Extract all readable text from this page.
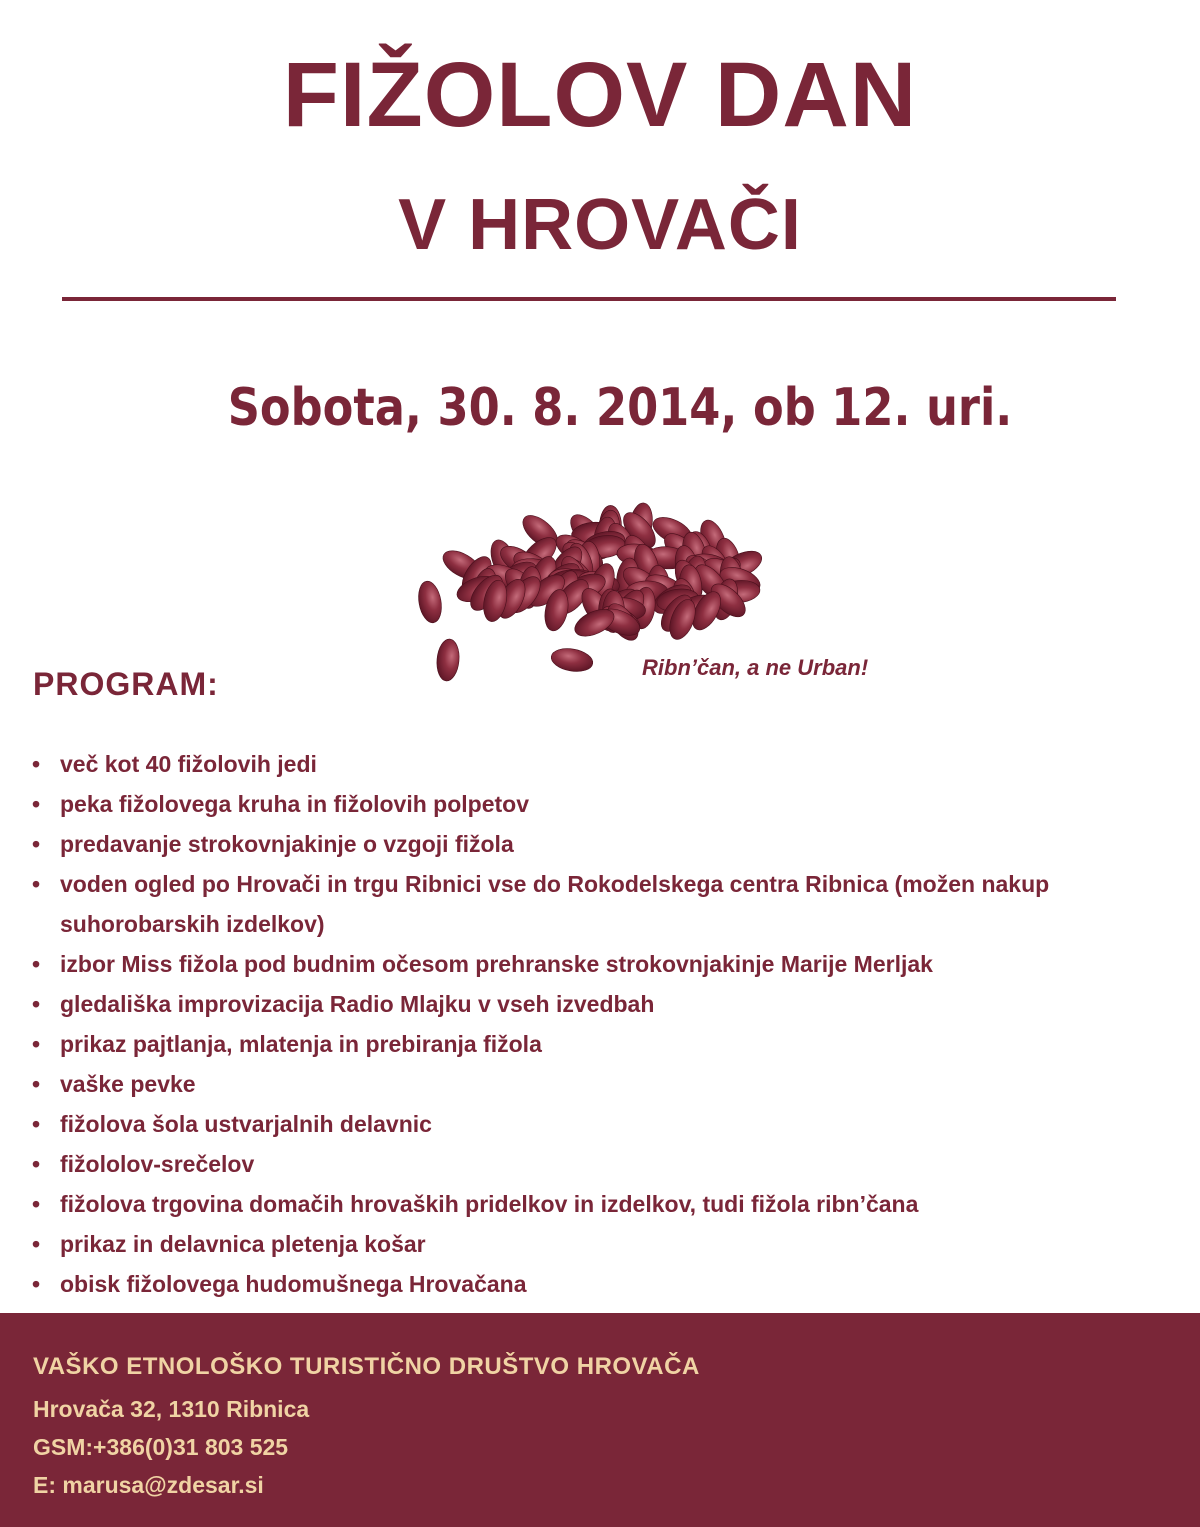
FIŽOLOV DAN
V HROVAČI
Sobota, 30. 8. 2014, ob 12. uri.
Ribn’čan, a ne Urban!
PROGRAM:
• več kot 40 fižolovih jedi
• peka fižolovega kruha in fižolovih polpetov
• predavanje strokovnjakinje o vzgoji fižola
• voden ogled po Hrovači in trgu Ribnici vse do Rokodelskega centra Ribnica (možen nakup suhorobarskih izdelkov)
• izbor Miss fižola pod budnim očesom prehranske strokovnjakinje Marije Merljak
• gledališka improvizacija Radio Mlajku v vseh izvedbah
• prikaz pajtlanja, mlatenja in prebiranja fižola
• vaške pevke
• fižolova šola ustvarjalnih delavnic
• fižololov-srečelov
• fižolova trgovina domačih hrovaških pridelkov in izdelkov, tudi fižola ribn’čana
• prikaz in delavnica pletenja košar
• obisk fižolovega hudomušnega Hrovačana

VAŠKO ETNOLOŠKO TURISTIČNO DRUŠTVO HROVAČA

Hrovača 32, 1310 Ribnica

GSM:+386(0)31 803 525

E: marusa@zdesar.si
